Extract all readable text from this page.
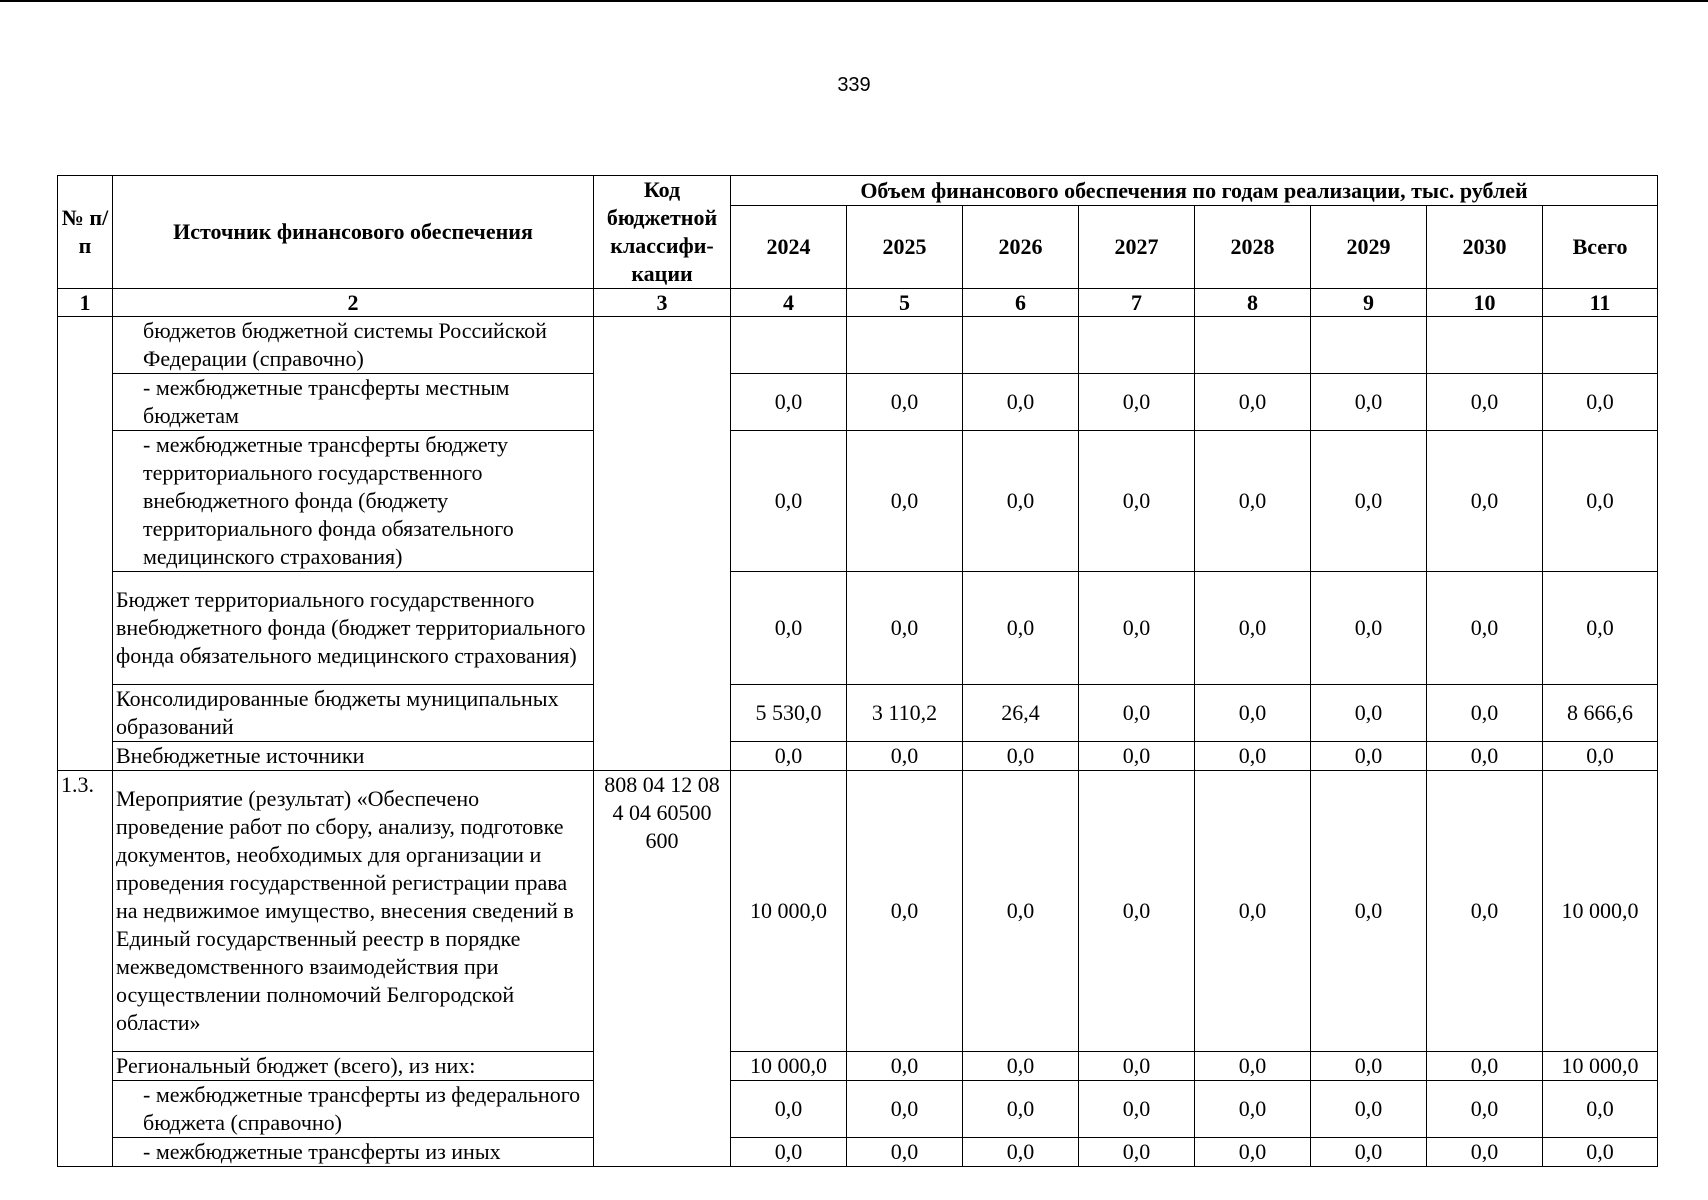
339
№ п/п	Источник финансового обеспечения	Код бюджетной классифи-кации	Объем финансового обеспечения по годам реализации, тыс. рублей							
			2024	2025	2026	2027	2028	2029	2030	Всего
1	2	3	4	5	6	7	8	9	10	11
	бюджетов бюджетной системы Российской Федерации (справочно)									
	- межбюджетные трансферты местным бюджетам		0,0	0,0	0,0	0,0	0,0	0,0	0,0	0,0
	- межбюджетные трансферты бюджету территориального государственного внебюджетного фонда (бюджету территориального фонда обязательного медицинского страхования)		0,0	0,0	0,0	0,0	0,0	0,0	0,0	0,0
	Бюджет территориального государственного внебюджетного фонда (бюджет территориального фонда обязательного медицинского страхования)		0,0	0,0	0,0	0,0	0,0	0,0	0,0	0,0
	Консолидированные бюджеты муниципальных образований		5 530,0	3 110,2	26,4	0,0	0,0	0,0	0,0	8 666,6
	Внебюджетные источники		0,0	0,0	0,0	0,0	0,0	0,0	0,0	0,0
1.3.	Мероприятие (результат) «Обеспечено проведение работ по сбору, анализу, подготовке документов, необходимых для организации и проведения государственной регистрации права на недвижимое имущество, внесения сведений в Единый государственный реестр в порядке межведомственного взаимодействия при осуществлении полномочий Белгородской области»	808 04 12 08 4 04 60500 600	10 000,0	0,0	0,0	0,0	0,0	0,0	0,0	10 000,0
	Региональный бюджет (всего), из них:		10 000,0	0,0	0,0	0,0	0,0	0,0	0,0	10 000,0
	- межбюджетные трансферты из федерального бюджета (справочно)		0,0	0,0	0,0	0,0	0,0	0,0	0,0	0,0
	- межбюджетные трансферты из иных		0,0	0,0	0,0	0,0	0,0	0,0	0,0	0,0
